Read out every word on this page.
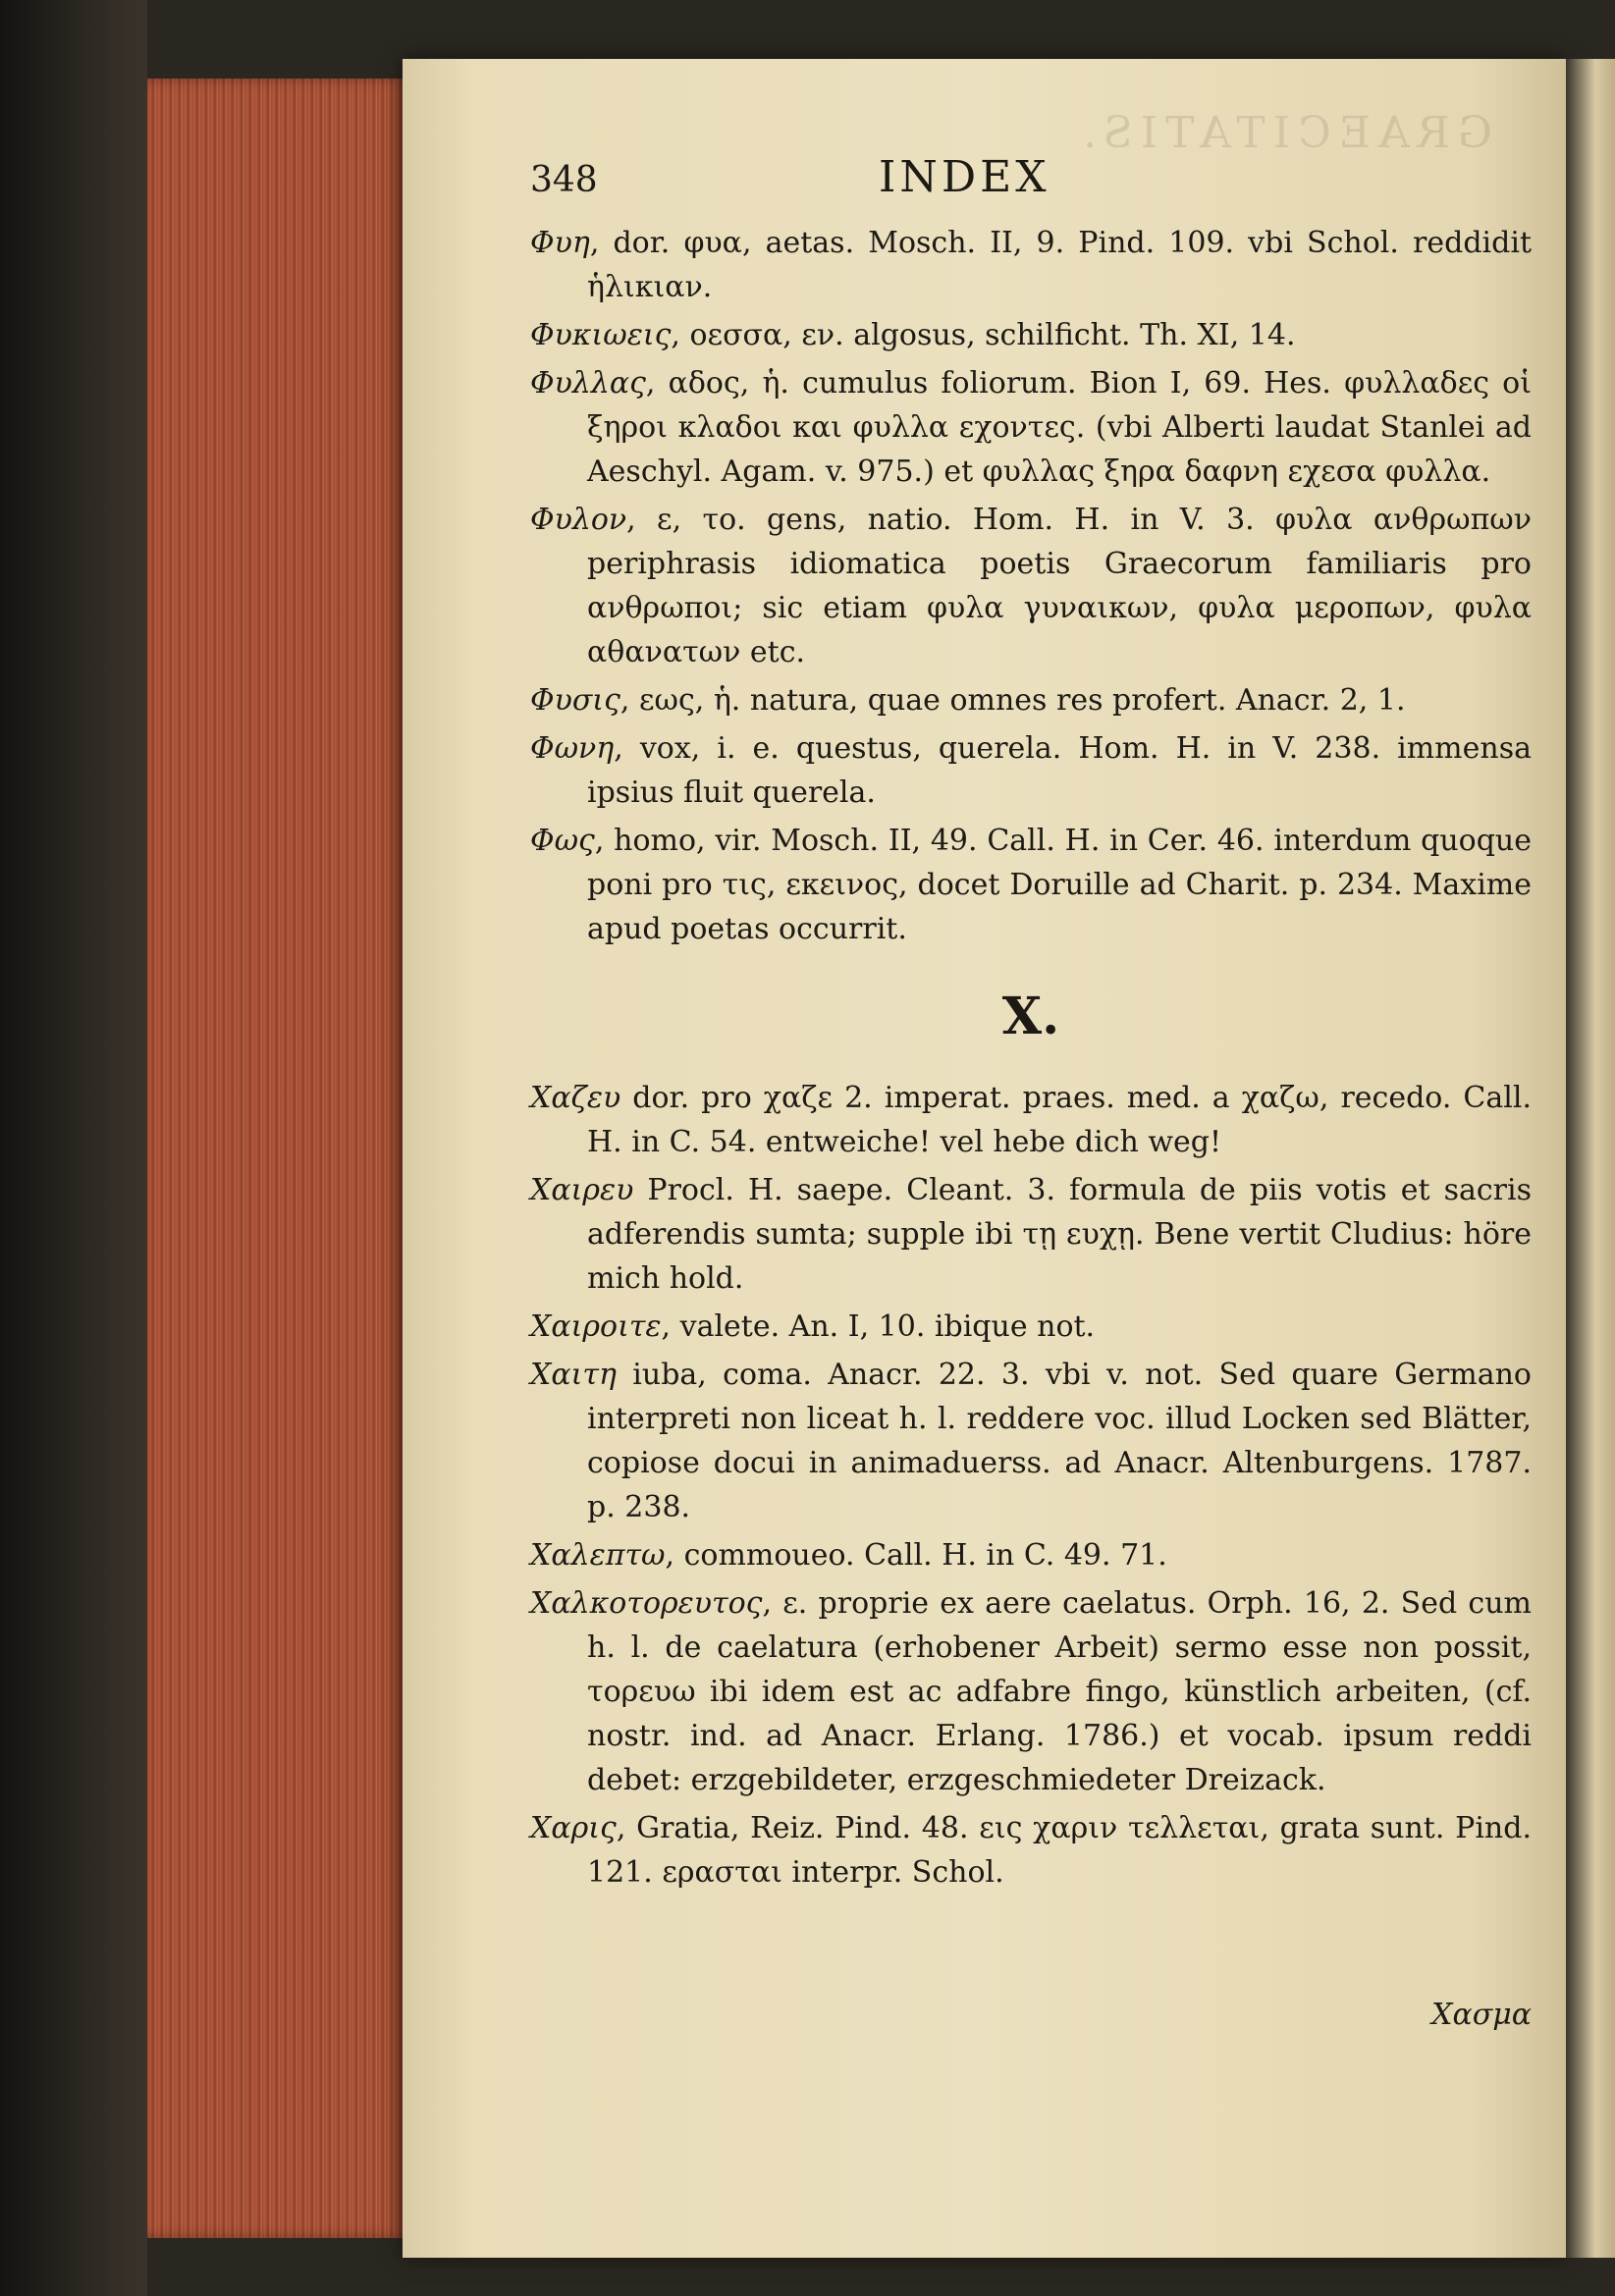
GRAECITATIS.
348	INDEX

Φυη, dor. φυα, aetas. Mosch. II, 9. Pind. 109. vbi Schol. reddidit ἡλικιαν.

Φυκιωεις, οεσσα, εν. algosus, schilficht. Th. XI, 14.

Φυλλας, αδος, ἡ. cumulus foliorum. Bion I, 69. Hes. φυλλαδες οἱ ξηροι κλαδοι και φυλλα εχοντες. (vbi Alberti laudat Stanlei ad Aeschyl. Agam. v. 975.) et φυλλας ξηρα δαφνη εχεσα φυλλα.

Φυλον, ε, το. gens, natio. Hom. H. in V. 3. φυλα ανθρωπων periphrasis idiomatica poetis Graecorum familiaris pro ανθρωποι; sic etiam φυλα γυναικων, φυλα μεροπων, φυλα αθανατων etc.

Φυσις, εως, ἡ. natura, quae omnes res profert. Anacr. 2, 1.

Φωνη, vox, i. e. questus, querela. Hom. H. in V. 238. immensa ipsius fluit querela.

Φως, homo, vir. Mosch. II, 49. Call. H. in Cer. 46. interdum quoque poni pro τις, εκεινος, docet Doruille ad Charit. p. 234. Maxime apud poetas occurrit.

X.

Χαζευ dor. pro χαζε 2. imperat. praes. med. a χαζω, recedo. Call. H. in C. 54. entweiche! vel hebe dich weg!

Χαιρευ Procl. H. saepe. Cleant. 3. formula de piis votis et sacris adferendis sumta; supple ibi τῃ ευχῃ. Bene vertit Cludius: höre mich hold.

Χαιροιτε, valete. An. I, 10. ibique not.

Χαιτη iuba, coma. Anacr. 22. 3. vbi v. not. Sed quare Germano interpreti non liceat h. l. reddere voc. illud Locken sed Blätter, copiose docui in animaduerss. ad Anacr. Altenburgens. 1787. p. 238.

Χαλεπτω, commoueo. Call. H. in C. 49. 71.

Χαλκοτορευτος, ε. proprie ex aere caelatus. Orph. 16, 2. Sed cum h. l. de caelatura (erhobener Arbeit) sermo esse non possit, τορευω ibi idem est ac adfabre fingo, künstlich arbeiten, (cf. nostr. ind. ad Anacr. Erlang. 1786.) et vocab. ipsum reddi debet: erzgebildeter, erzgeschmiedeter Dreizack.

Χαρις, Gratia, Reiz. Pind. 48. εις χαριν τελλεται, grata sunt. Pind. 121. ερασται interpr. Schol.

Χασμα
